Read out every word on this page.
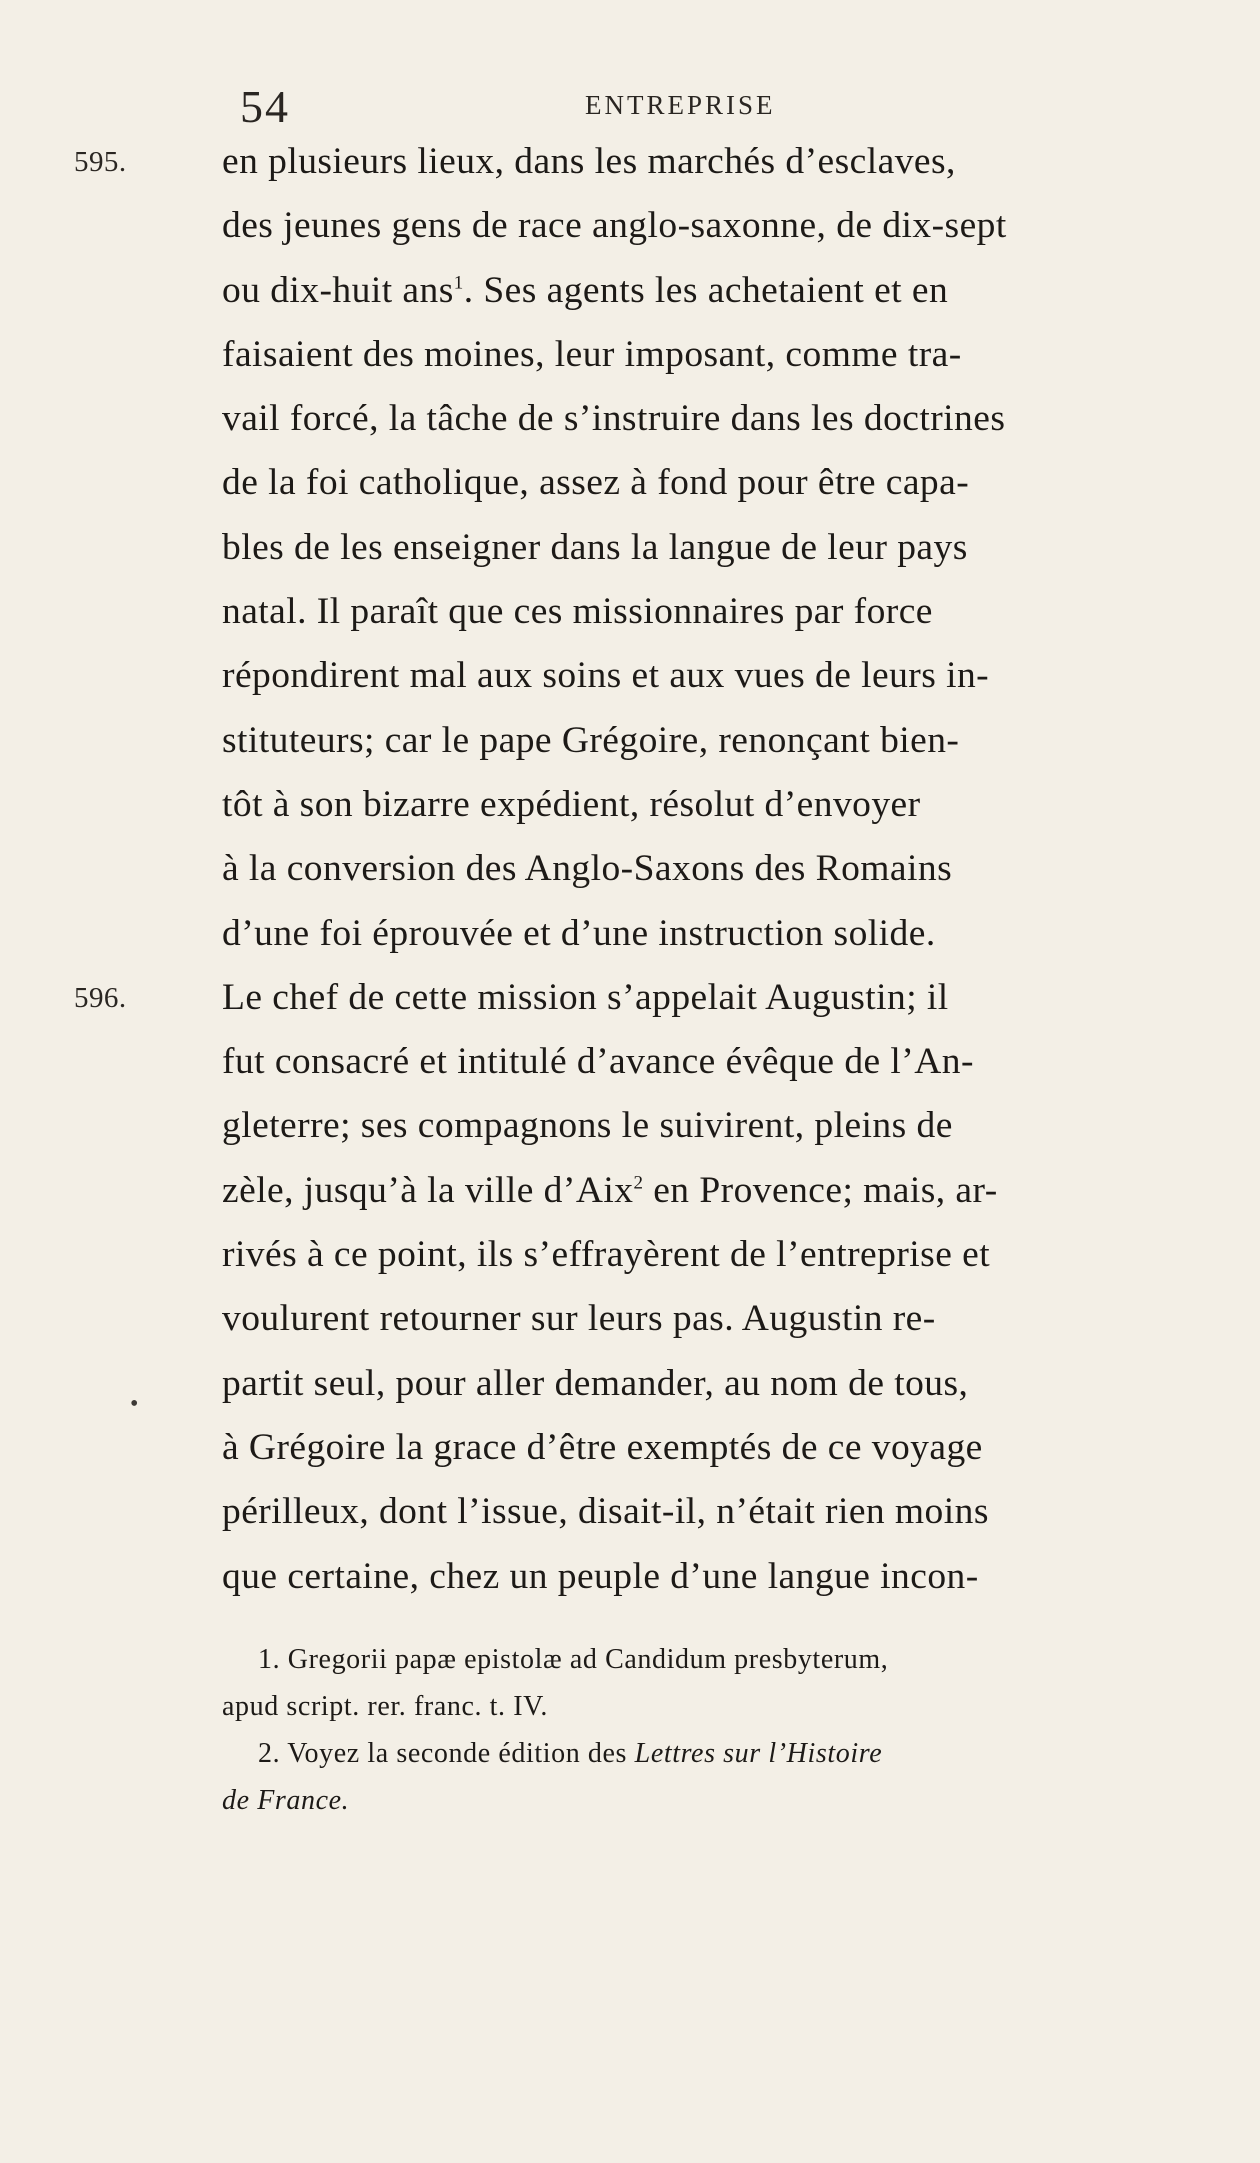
54	ENTREPRISE
•
595.	en plusieurs lieux, dans les marchés d’esclaves,
des jeunes gens de race anglo-saxonne, de dix-sept
ou dix-huit ans$^1$. Ses agents les achetaient et en
faisaient des moines, leur imposant, comme tra-
vail forcé, la tâche de s’instruire dans les doctrines
de la foi catholique, assez à fond pour être capa-
bles de les enseigner dans la langue de leur pays
natal. Il paraît que ces missionnaires par force
répondirent mal aux soins et aux vues de leurs in-
stituteurs; car le pape Grégoire, renonçant bien-
tôt à son bizarre expédient, résolut d’envoyer
à la conversion des Anglo-Saxons des Romains
d’une foi éprouvée et d’une instruction solide.
596.	Le chef de cette mission s’appelait Augustin; il
fut consacré et intitulé d’avance évêque de l’An-
gleterre; ses compagnons le suivirent, pleins de
zèle, jusqu’à la ville d’Aix$^2$ en Provence; mais, ar-
rivés à ce point, ils s’effrayèrent de l’entreprise et
voulurent retourner sur leurs pas. Augustin re-
partit seul, pour aller demander, au nom de tous,
à Grégoire la grace d’être exemptés de ce voyage
périlleux, dont l’issue, disait-il, n’était rien moins
que certaine, chez un peuple d’une langue incon-
1. Gregorii papæ epistolæ ad Candidum presbyterum,
apud script. rer. franc. t. IV.
2. Voyez la seconde édition des Lettres sur l’Histoire
de France.
